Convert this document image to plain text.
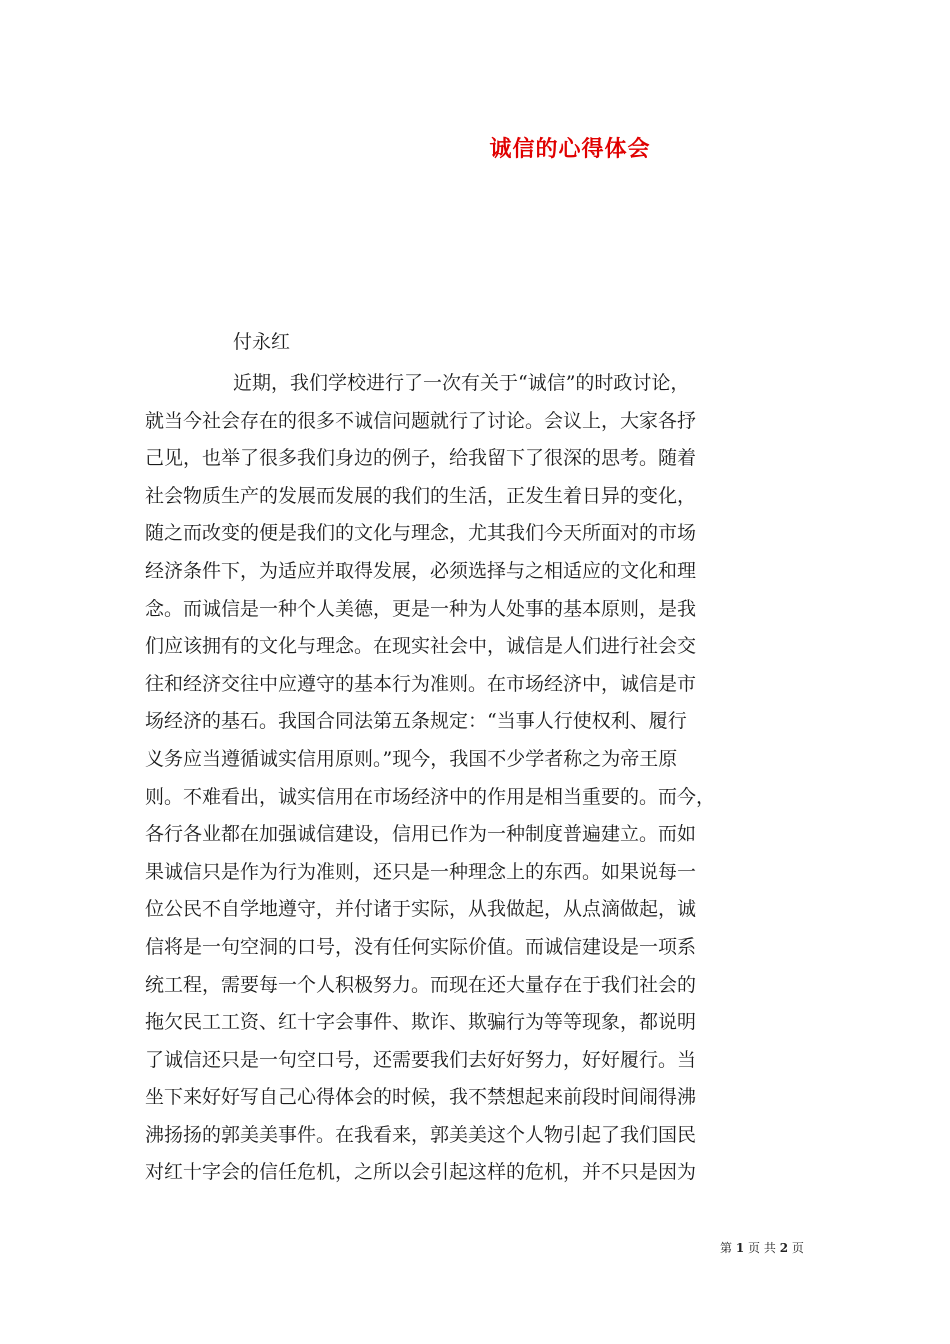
诚信的心得体会
付永红
近期，我们学校进行了一次有关于“诚信”的时政讨论，
就当今社会存在的很多不诚信问题就行了讨论。会议上，大家各抒
己见，也举了很多我们身边的例子，给我留下了很深的思考。随着
社会物质生产的发展而发展的我们的生活，正发生着日异的变化，
随之而改变的便是我们的文化与理念，尤其我们今天所面对的市场
经济条件下，为适应并取得发展，必须选择与之相适应的文化和理
念。而诚信是一种个人美德，更是一种为人处事的基本原则，是我
们应该拥有的文化与理念。在现实社会中，诚信是人们进行社会交
往和经济交往中应遵守的基本行为准则。在市场经济中，诚信是市
场经济的基石。我国合同法第五条规定：“当事人行使权利、履行
义务应当遵循诚实信用原则。”现今，我国不少学者称之为帝王原
则。不难看出，诚实信用在市场经济中的作用是相当重要的。而今，
各行各业都在加强诚信建设，信用已作为一种制度普遍建立。而如
果诚信只是作为行为准则，还只是一种理念上的东西。如果说每一
位公民不自学地遵守，并付诸于实际，从我做起，从点滴做起，诚
信将是一句空洞的口号，没有任何实际价值。而诚信建设是一项系
统工程，需要每一个人积极努力。而现在还大量存在于我们社会的
拖欠民工工资、红十字会事件、欺诈、欺骗行为等等现象，都说明
了诚信还只是一句空口号，还需要我们去好好努力，好好履行。当
坐下来好好写自己心得体会的时候，我不禁想起来前段时间闹得沸
沸扬扬的郭美美事件。在我看来，郭美美这个人物引起了我们国民
对红十字会的信任危机，之所以会引起这样的危机，并不只是因为
第 1 页 共 2 页
